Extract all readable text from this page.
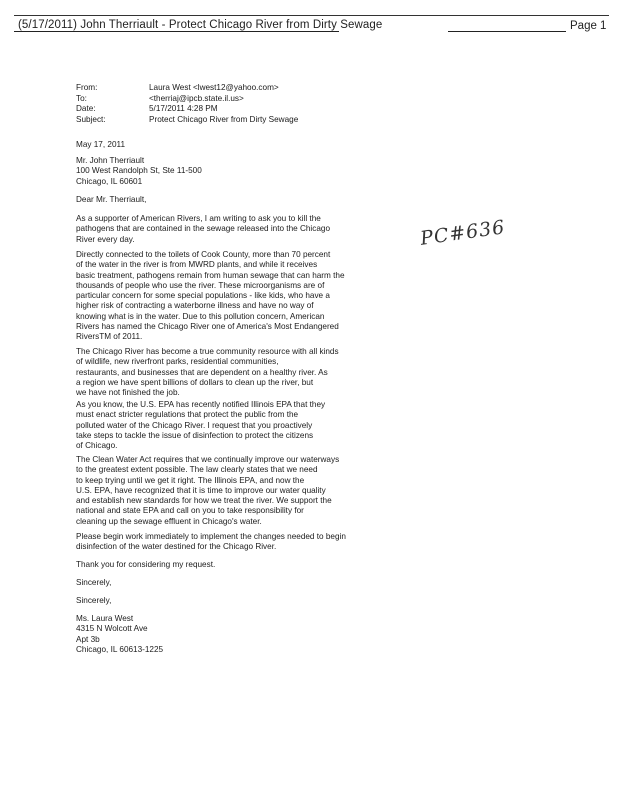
(5/17/2011) John Therriault - Protect Chicago River from Dirty Sewage	Page 1
From:	Laura West <lwest12@yahoo.com>
To:	<therriaj@ipcb.state.il.us>
Date:	5/17/2011 4:28 PM
Subject:	Protect Chicago River from Dirty Sewage
May 17, 2011
Mr. John Therriault
100 West Randolph St, Ste 11-500
Chicago, IL 60601
Dear Mr. Therriault,
As a supporter of American Rivers, I am writing to ask you to kill the
pathogens that are contained in the sewage released into the Chicago
River every day.
Directly connected to the toilets of Cook County, more than 70 percent
of the water in the river is from MWRD plants, and while it receives
basic treatment, pathogens remain from human sewage that can harm the
thousands of people who use the river. These microorganisms are of
particular concern for some special populations - like kids, who have a
higher risk of contracting a waterborne illness and have no way of
knowing what is in the water. Due to this pollution concern, American
Rivers has named the Chicago River one of America's Most Endangered
RiversTM of 2011.
The Chicago River has become a true community resource with all kinds
of wildlife, new riverfront parks, residential communities,
restaurants, and businesses that are dependent on a healthy river. As
a region we have spent billions of dollars to clean up the river, but
we have not finished the job.
As you know, the U.S. EPA has recently notified Illinois EPA that they
must enact stricter regulations that protect the public from the
polluted water of the Chicago River. I request that you proactively
take steps to tackle the issue of disinfection to protect the citizens
of Chicago.
The Clean Water Act requires that we continually improve our waterways
to the greatest extent possible. The law clearly states that we need
to keep trying until we get it right. The Illinois EPA, and now the
U.S. EPA, have recognized that it is time to improve our water quality
and establish new standards for how we treat the river. We support the
national and state EPA and call on you to take responsibility for
cleaning up the sewage effluent in Chicago's water.
Please begin work immediately to implement the changes needed to begin
disinfection of the water destined for the Chicago River.
Thank you for considering my request.
Sincerely,
Sincerely,
Ms. Laura West
4315 N Wolcott Ave
Apt 3b
Chicago, IL 60613-1225
PC#636
